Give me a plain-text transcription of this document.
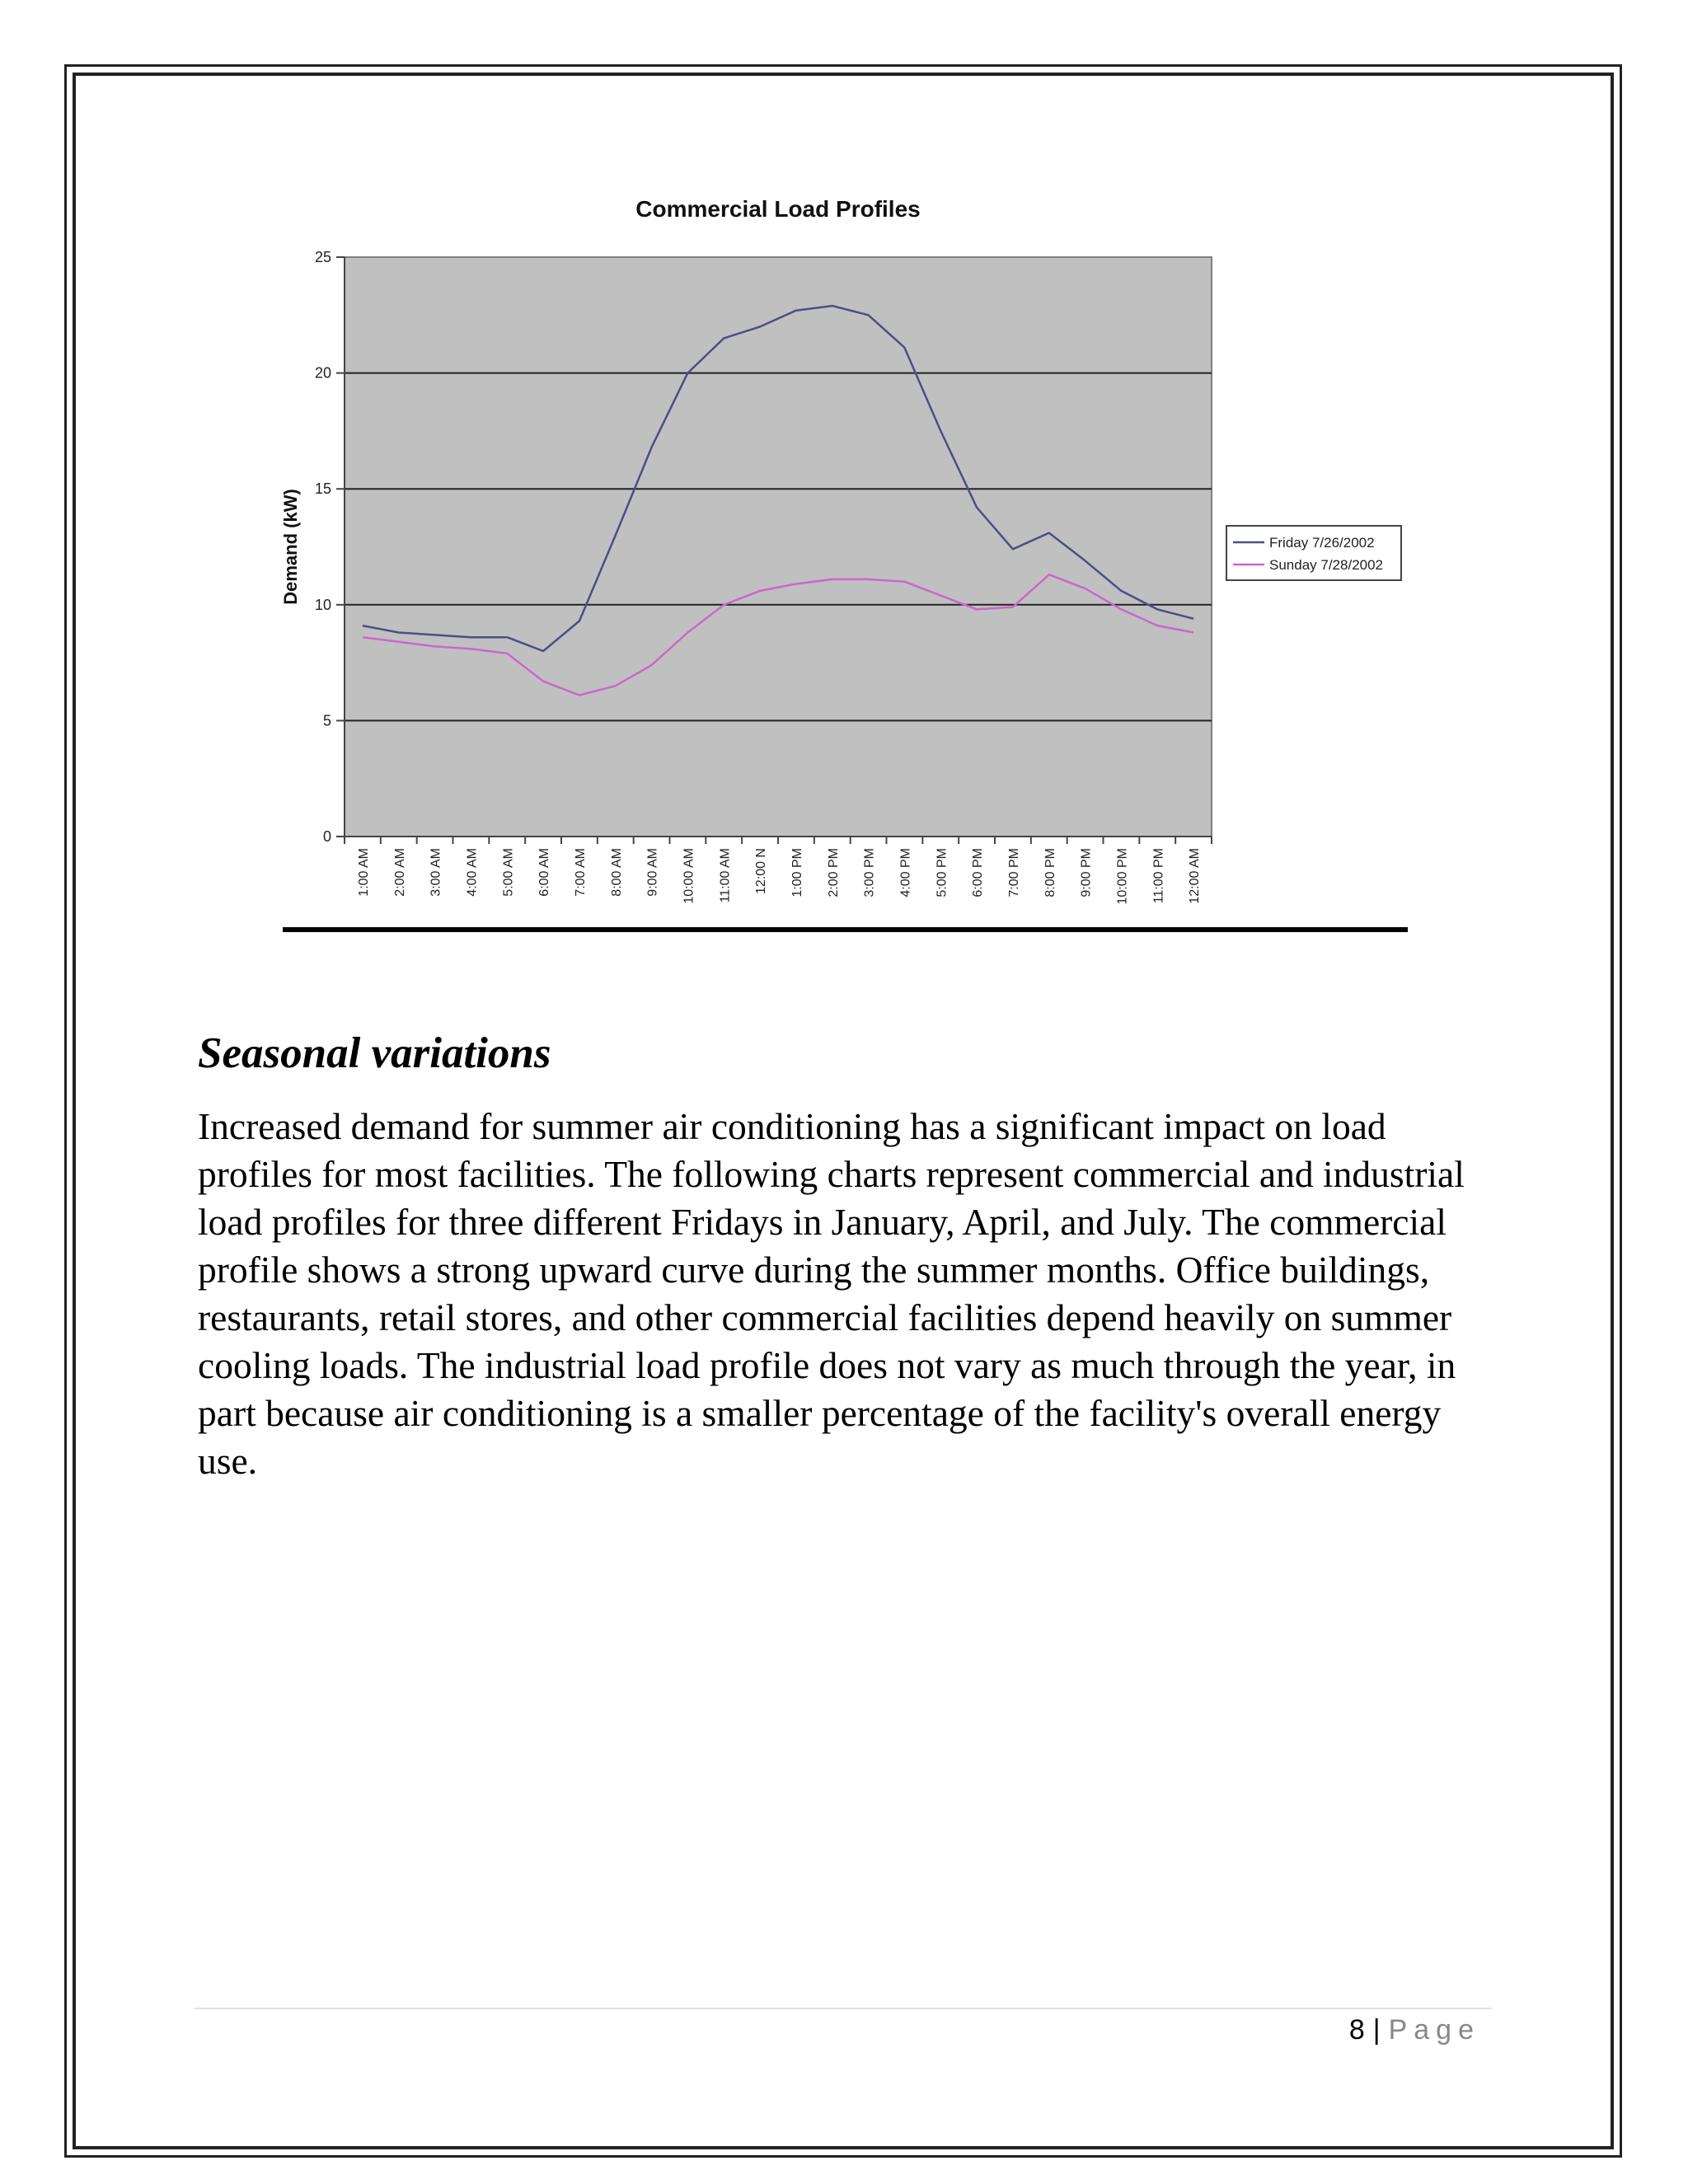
Commercial Load Profiles
0
5
10
15
20
25
Demand (kW)
1:00 AM 2:00 AM 3:00 AM 4:00 AM 5:00 AM 6:00 AM 7:00 AM 8:00 AM 9:00 AM 10:00 AM 11:00 AM 12:00 N 1:00 PM 2:00 PM 3:00 PM 4:00 PM 5:00 PM 6:00 PM 7:00 PM 8:00 PM 9:00 PM 10:00 PM 11:00 PM 12:00 AM
Friday 7/26/2002
Sunday 7/28/2002
Seasonal variations

Increased demand for summer air conditioning has a significant impact on load profiles for most facilities. The following charts represent commercial and industrial load profiles for three different Fridays in January, April, and July. The commercial profile shows a strong upward curve during the summer months. Office buildings, restaurants, retail stores, and other commercial facilities depend heavily on summer cooling loads. The industrial load profile does not vary as much through the year, in part because air conditioning is a smaller percentage of the facility's overall energy use.

8 | Page
